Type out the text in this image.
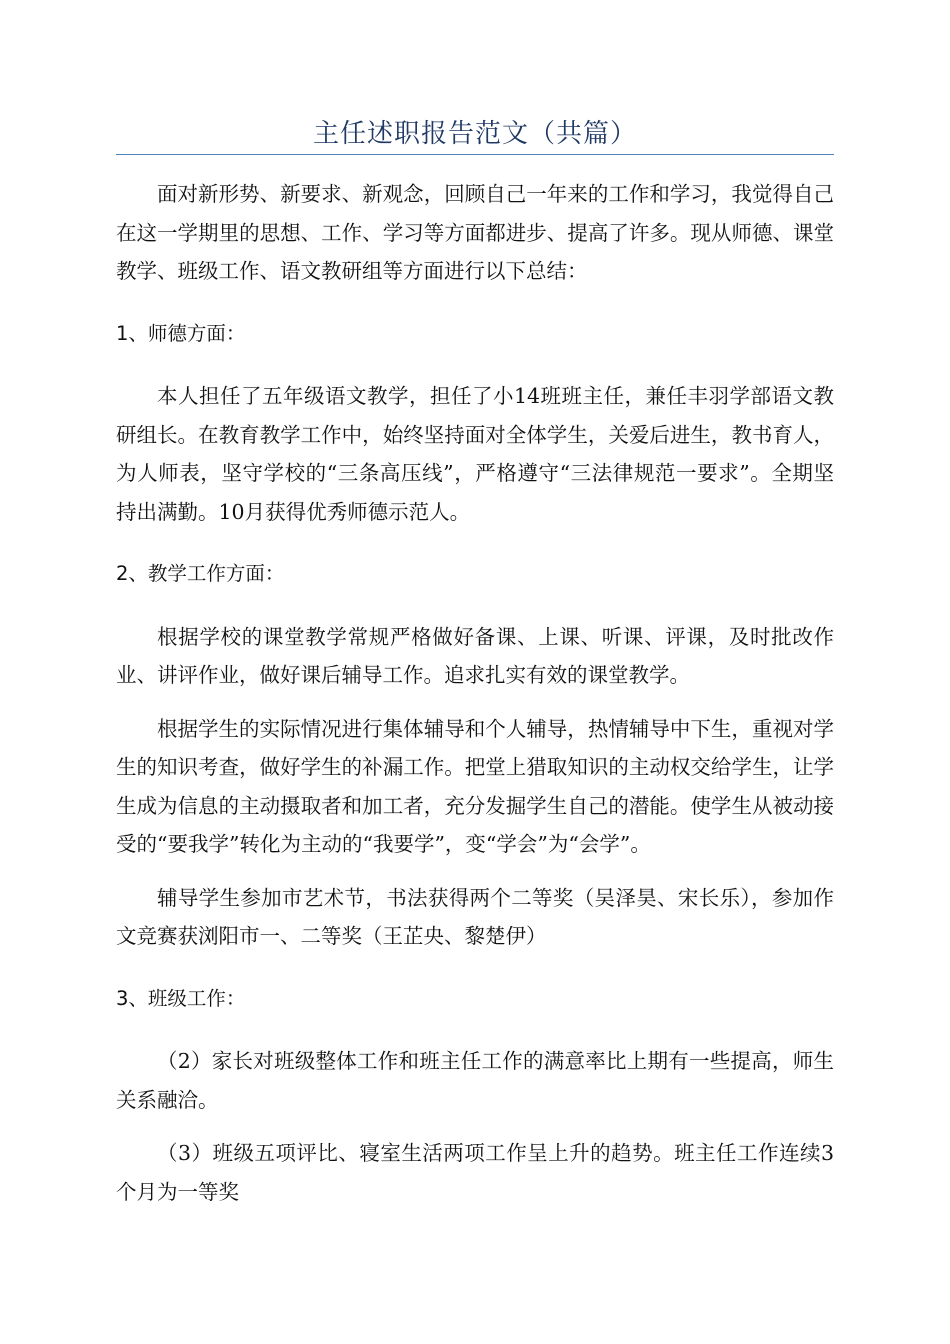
主任述职报告范文（共篇）

面对新形势、新要求、新观念，回顾自己一年来的工作和学习，我觉得自己在这一学期里的思想、工作、学习等方面都进步、提高了许多。现从师德、课堂教学、班级工作、语文教研组等方面进行以下总结：

1、师德方面：

本人担任了五年级语文教学，担任了小14班班主任，兼任丰羽学部语文教研组长。在教育教学工作中，始终坚持面对全体学生，关爱后进生，教书育人，为人师表，坚守学校的“三条高压线”，严格遵守“三法律规范一要求”。全期坚持出满勤。10月获得优秀师德示范人。

2、教学工作方面：

根据学校的课堂教学常规严格做好备课、上课、听课、评课，及时批改作业、讲评作业，做好课后辅导工作。追求扎实有效的课堂教学。

根据学生的实际情况进行集体辅导和个人辅导，热情辅导中下生，重视对学生的知识考查，做好学生的补漏工作。把堂上猎取知识的主动权交给学生，让学生成为信息的主动摄取者和加工者，充分发掘学生自己的潜能。使学生从被动接受的“要我学”转化为主动的“我要学”，变“学会”为“会学”。

辅导学生参加市艺术节，书法获得两个二等奖（吴泽昊、宋长乐），参加作文竞赛获浏阳市一、二等奖（王芷央、黎楚伊）

3、班级工作：

（2）家长对班级整体工作和班主任工作的满意率比上期有一些提高，师生关系融洽。

（3）班级五项评比、寝室生活两项工作呈上升的趋势。班主任工作连续3个月为一等奖
